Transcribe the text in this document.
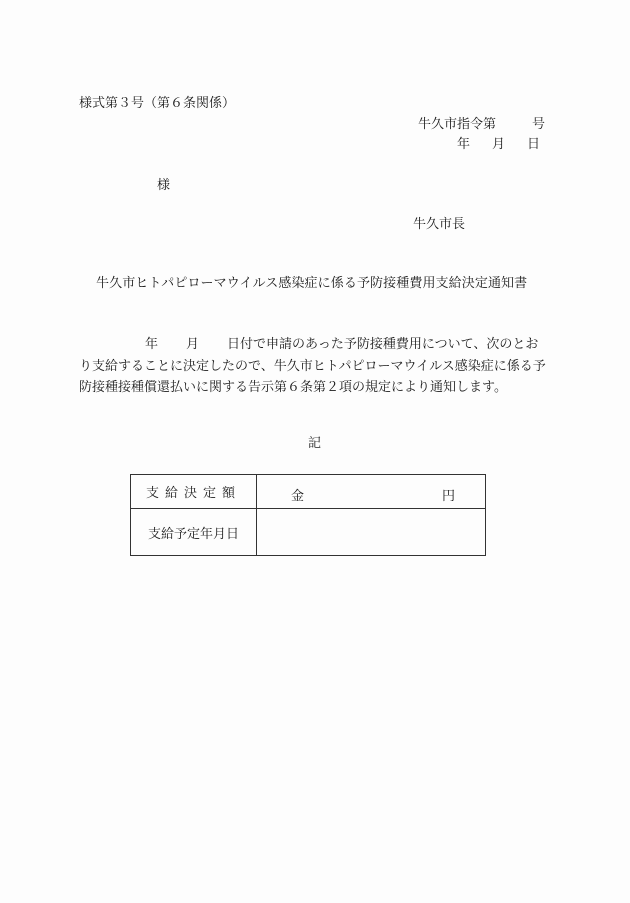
様式第３号（第６条関係）
牛久市指令第	号
年 月 日
様
牛久市長
牛久市ヒトパピローマウイルス感染症に係る予防接種費用支給決定通知書
年 月 日付で申請のあった予防接種費用について、次のとおり支給することに決定したので、牛久市ヒトパピローマウイルス感染症に係る予防接種接種償還払いに関する告示第６条第２項の規定により通知します。
記
支給決定額	金 円

支給予定年月日	
